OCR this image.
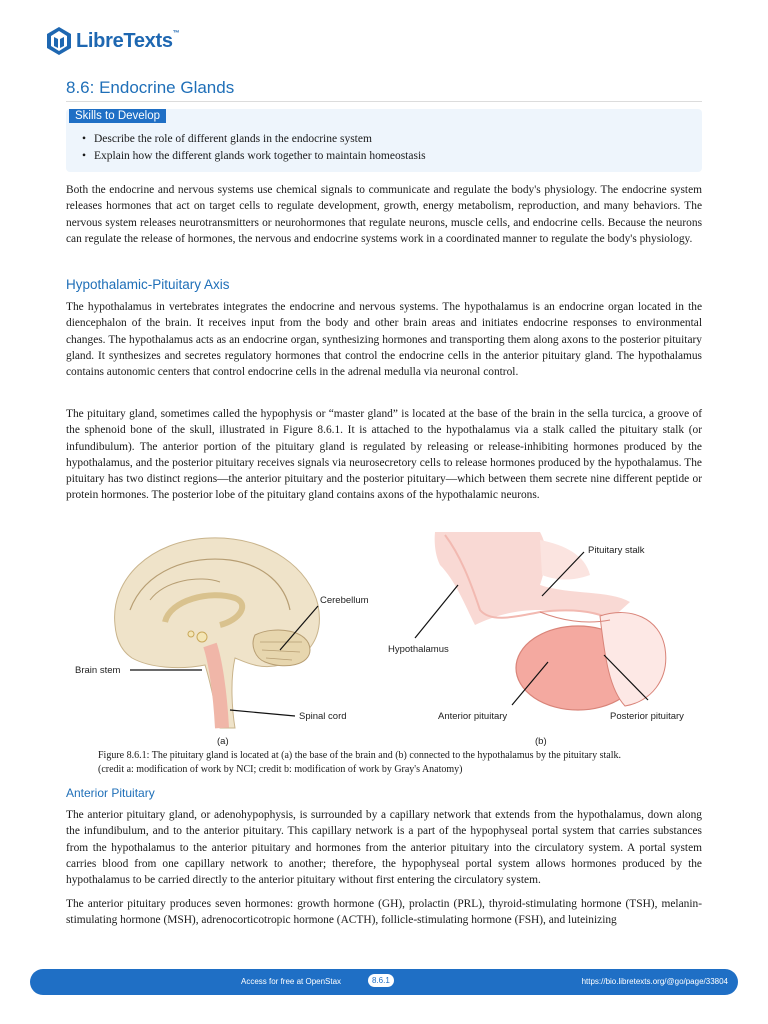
LibreTexts™
8.6: Endocrine Glands
Skills to Develop
• Describe the role of different glands in the endocrine system
• Explain how the different glands work together to maintain homeostasis

Both the endocrine and nervous systems use chemical signals to communicate and regulate the body's physiology. The endocrine system releases hormones that act on target cells to regulate development, growth, energy metabolism, reproduction, and many behaviors. The nervous system releases neurotransmitters or neurohormones that regulate neurons, muscle cells, and endocrine cells. Because the neurons can regulate the release of hormones, the nervous and endocrine systems work in a coordinated manner to regulate the body's physiology.

Hypothalamic-Pituitary Axis

The hypothalamus in vertebrates integrates the endocrine and nervous systems. The hypothalamus is an endocrine organ located in the diencephalon of the brain. It receives input from the body and other brain areas and initiates endocrine responses to environmental changes. The hypothalamus acts as an endocrine organ, synthesizing hormones and transporting them along axons to the posterior pituitary gland. It synthesizes and secretes regulatory hormones that control the endocrine cells in the anterior pituitary gland. The hypothalamus contains autonomic centers that control endocrine cells in the adrenal medulla via neuronal control.

The pituitary gland, sometimes called the hypophysis or “master gland” is located at the base of the brain in the sella turcica, a groove of the sphenoid bone of the skull, illustrated in Figure 8.6.1. It is attached to the hypothalamus via a stalk called the pituitary stalk (or infundibulum). The anterior portion of the pituitary gland is regulated by releasing or release-inhibiting hormones produced by the hypothalamus, and the posterior pituitary receives signals via neurosecretory cells to release hormones produced by the hypothalamus. The pituitary has two distinct regions—the anterior pituitary and the posterior pituitary—which between them secrete nine different peptide or protein hormones. The posterior lobe of the pituitary gland contains axons of the hypothalamic neurons.

Cerebellum
Brain stem
Spinal cord
(a)
Pituitary stalk
Hypothalamus
Anterior pituitary	Posterior pituitary
(b)
Figure 8.6.1: The pituitary gland is located at (a) the base of the brain and (b) connected to the hypothalamus by the pituitary stalk.
(credit a: modification of work by NCI; credit b: modification of work by Gray's Anatomy)
Anterior Pituitary

The anterior pituitary gland, or adenohypophysis, is surrounded by a capillary network that extends from the hypothalamus, down along the infundibulum, and to the anterior pituitary. This capillary network is a part of the hypophyseal portal system that carries substances from the hypothalamus to the anterior pituitary and hormones from the anterior pituitary into the circulatory system. A portal system carries blood from one capillary network to another; therefore, the hypophyseal portal system allows hormones produced by the hypothalamus to be carried directly to the anterior pituitary without first entering the circulatory system.

The anterior pituitary produces seven hormones: growth hormone (GH), prolactin (PRL), thyroid-stimulating hormone (TSH), melanin-stimulating hormone (MSH), adrenocorticotropic hormone (ACTH), follicle-stimulating hormone (FSH), and luteinizing

Access for free at OpenStax	8.6.1	https://bio.libretexts.org/@go/page/33804
